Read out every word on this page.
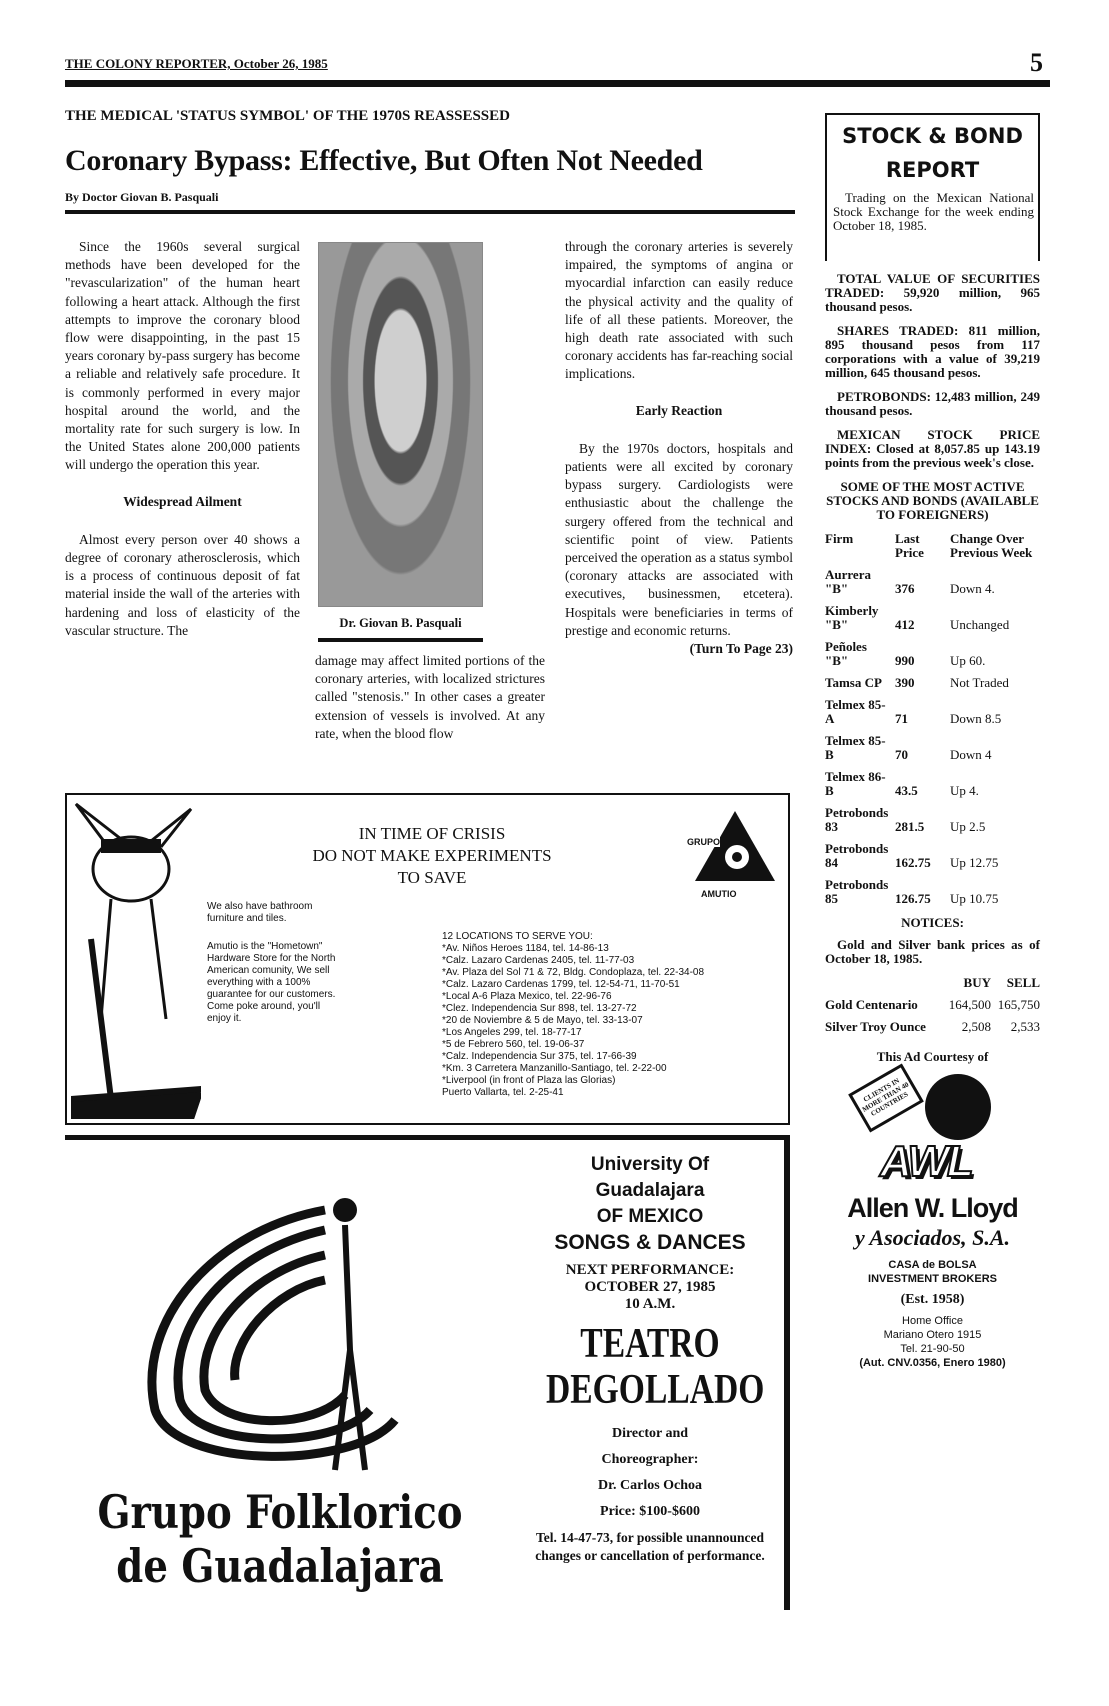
THE COLONY REPORTER, October 26, 1985	5
THE MEDICAL 'STATUS SYMBOL' OF THE 1970S REASSESSED
Coronary Bypass: Effective, But Often Not Needed
By Doctor Giovan B. Pasquali

Since the 1960s several surgical methods have been developed for the "revascularization" of the human heart following a heart attack. Although the first attempts to improve the coronary blood flow were disappointing, in the past 15 years coronary by-pass surgery has become a reliable and relatively safe procedure. It is commonly performed in every major hospital around the world, and the mortality rate for such surgery is low. In the United States alone 200,000 patients will undergo the operation this year.

Widespread Ailment

Almost every person over 40 shows a degree of coronary atherosclerosis, which is a process of continuous deposit of fat material inside the wall of the arteries with hardening and loss of elasticity of the vascular structure. The	Dr. Giovan B. Pasquali

damage may affect limited portions of the coronary arteries, with localized strictures called "stenosis." In other cases a greater extension of vessels is involved. At any rate, when the blood flow

through the coronary arteries is severely impaired, the symptoms of angina or myocardial infarction can easily reduce the physical activity and the quality of life of all these patients. Moreover, the high death rate associated with such coronary accidents has far-reaching social implications.

Early Reaction

By the 1970s doctors, hospitals and patients were all excited by coronary bypass surgery. Cardiologists were enthusiastic about the challenge the surgery offered from the technical and scientific point of view. Patients perceived the operation as a status symbol (coronary attacks are associated with executives, businessmen, etcetera). Hospitals were beneficiaries in terms of prestige and economic returns.

(Turn To Page 23)
STOCK & BOND
REPORT
Trading on the Mexican National Stock Exchange for the week ending October 18, 1985.

TOTAL VALUE OF SECURITIES TRADED: 59,920 million, 965 thousand pesos.

SHARES TRADED: 811 million, 895 thousand pesos from 117 corporations with a value of 39,219 million, 645 thousand pesos.

PETROBONDS: 12,483 million, 249 thousand pesos.

MEXICAN STOCK PRICE INDEX: Closed at 8,057.85 up 143.19 points from the previous week's close.

SOME OF THE MOST ACTIVE STOCKS AND BONDS (AVAILABLE TO FOREIGNERS)
Firm	Last Price	Change Over Previous Week
Aurrera "B"	376	Down 4.
Kimberly "B"	412	Unchanged
Peñoles "B"	990	Up 60.
Tamsa CP	390	Not Traded
Telmex 85-A	71	Down 8.5
Telmex 85-B	70	Down 4
Telmex 86-B	43.5	Up 4.
Petrobonds 83	281.5	Up 2.5
Petrobonds 84	162.75	Up 12.75
Petrobonds 85	126.75	Up 10.75
NOTICES:

Gold and Silver bank prices as of October 18, 1985.

	BUY	SELL
Gold Centenario	164,500	165,750
Silver Troy Ounce	2,508	2,533
This Ad Courtesy of
CLIENTS IN MORE THAN 40 COUNTRIES
AWL
Allen W. Lloyd
y Asociados, S.A.
CASA de BOLSA
INVESTMENT BROKERS
(Est. 1958)
Home Office
Mariano Otero 1915
Tel. 21-90-50
(Aut. CNV.0356, Enero 1980)
IN TIME OF CRISIS
DO NOT MAKE EXPERIMENTS
TO SAVE
GRUPO
AMUTIO
We also have bathroom furniture and tiles.
Amutio is the "Hometown" Hardware Store for the North American comunity, We sell everything with a 100% guarantee for our customers. Come poke around, you'll enjoy it.
12 LOCATIONS TO SERVE YOU:
*Av. Niños Heroes 1184, tel. 14-86-13
*Calz. Lazaro Cardenas 2405, tel. 11-77-03
*Av. Plaza del Sol 71 & 72, Bldg. Condoplaza, tel. 22-34-08
*Calz. Lazaro Cardenas 1799, tel. 12-54-71, 11-70-51
*Local A-6 Plaza Mexico, tel. 22-96-76
*Clez. Independencia Sur 898, tel. 13-27-72
*20 de Noviembre & 5 de Mayo, tel. 33-13-07
*Los Angeles 299, tel. 18-77-17
*5 de Febrero 560, tel. 19-06-37
*Calz. Independencia Sur 375, tel. 17-66-39
*Km. 3 Carretera Manzanillo-Santiago, tel. 2-22-00
*Liverpool (in front of Plaza las Glorias)
Puerto Vallarta, tel. 2-25-41
Grupo Folklorico
de Guadalajara
University Of
Guadalajara
OF MEXICO
SONGS & DANCES
NEXT PERFORMANCE:
OCTOBER 27, 1985
10 A.M.
TEATRO
DEGOLLADO
Director and
Choreographer:
Dr. Carlos Ochoa
Price: $100-$600
Tel. 14-47-73, for possible unannounced changes or cancellation of performance.
